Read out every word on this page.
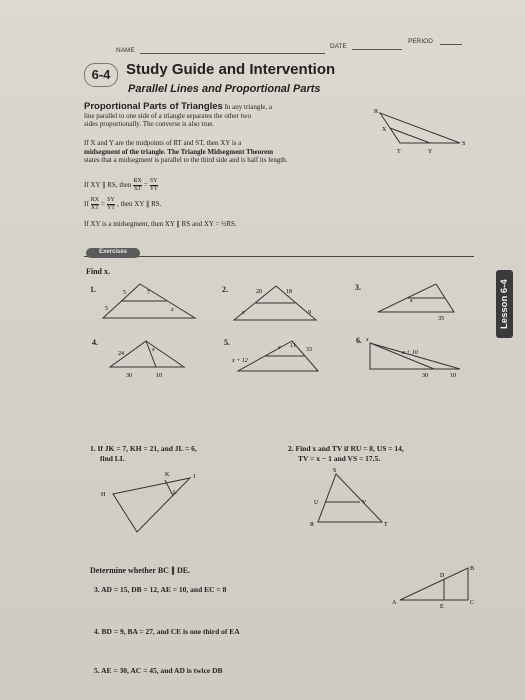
NAME
DATE
PERIOD
6-4	Study Guide and Intervention
Parallel Lines and Proportional Parts
Proportional Parts of Triangles In any triangle, a
line parallel to one side of a triangle separates the other two
sides proportionally. The converse is also true.
If X and Y are the midpoints of RT and ST, then XY is a
midsegment of the triangle. The Triangle Midsegment Theorem
states that a midsegment is parallel to the third side and is half its length.
If XY ∥ RS, then $\frac{RX}{XT} = \frac{SY}{YT}$
If $\frac{RX}{XT} = \frac{SY}{YT}$ , then XY ∥ RS.
If XY is a midsegment, then XY ∥ RS and XY = ½RS.
R
S
T
X
Y
Exercises
Find x.
1.	5	7
5	x
2.	20	18
x	9
3.
x
35
4.
24
x
30	10
5.
x 11
33
x + 12
6. x
x + 10
30	10
1. If JK = 7, KH = 21, and JL = 6,
find LI.
H
K	J
L
2. Find x and TV if RU = 8, US = 14,
TV = x − 1 and VS = 17.5.
S
U	V
R	T
Determine whether BC ∥ DE.
3. AD = 15, DB = 12, AE = 10, and EC = 8
4. BD = 9, BA = 27, and CE is one third of EA
5. AE = 30, AC = 45, and AD is twice DB
A
B
C
D
E
Lesson 6-4
